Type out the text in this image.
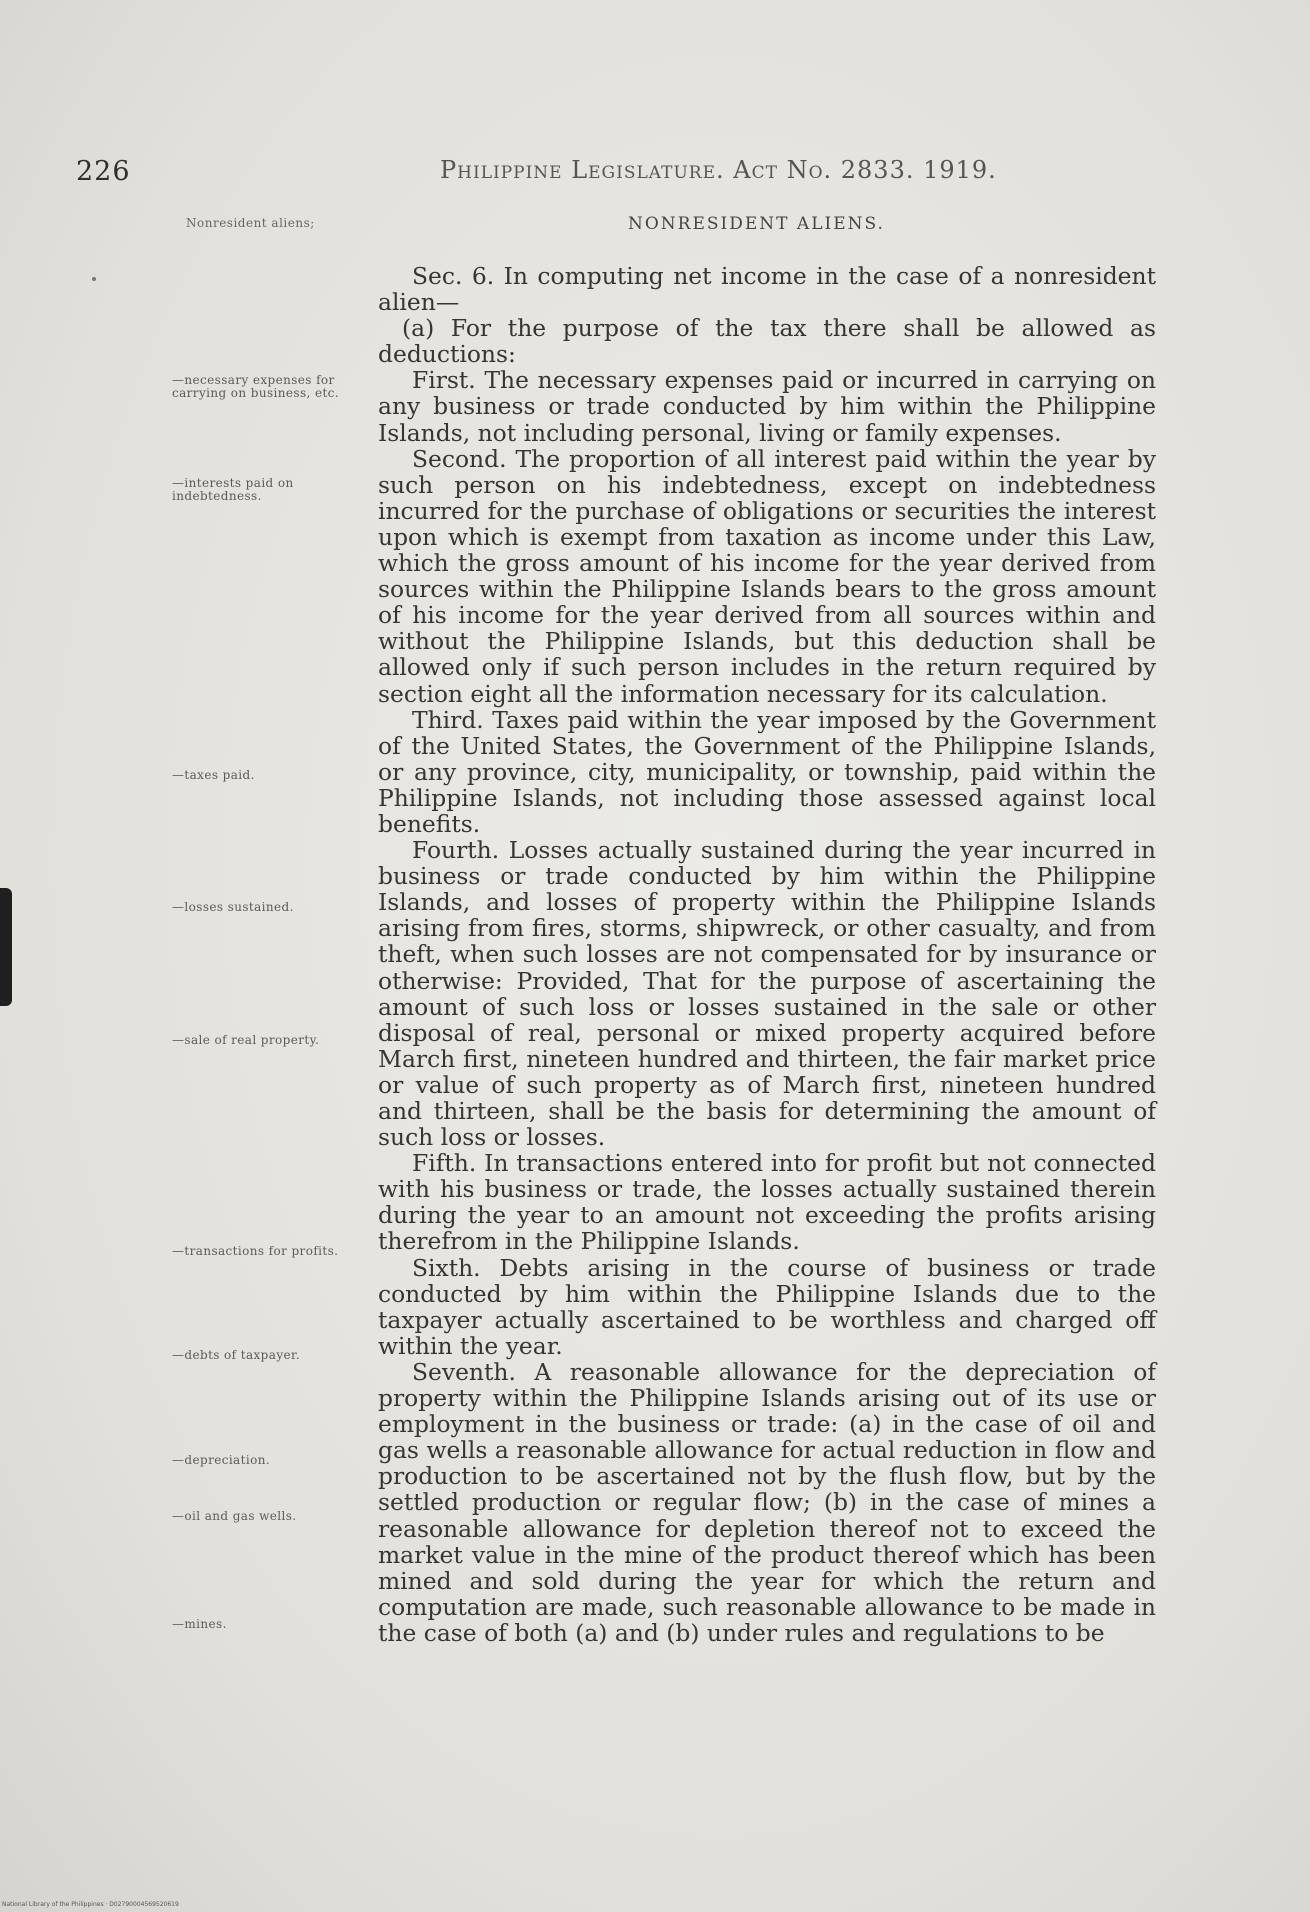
226	Philippine Legislature. Act No. 2833. 1919.
Nonresident aliens;	NONRESIDENT ALIENS.

Sec. 6. In computing net income in the case of a nonresident alien—

(a) For the purpose of the tax there shall be allowed as deductions:

First. The necessary expenses paid or incurred in carrying on any business or trade conducted by him within the Philippine Islands, not including personal, living or family expenses.

Second. The proportion of all interest paid within the year by such person on his indebtedness, except on indebtedness incurred for the purchase of obligations or securities the interest upon which is exempt from taxation as income under this Law, which the gross amount of his income for the year derived from sources within the Philippine Islands bears to the gross amount of his income for the year derived from all sources within and without the Philippine Islands, but this deduction shall be allowed only if such person includes in the return required by section eight all the information necessary for its calculation.

Third. Taxes paid within the year imposed by the Government of the United States, the Government of the Philippine Islands, or any province, city, municipality, or township, paid within the Philippine Islands, not including those assessed against local benefits.

Fourth. Losses actually sustained during the year incurred in business or trade conducted by him within the Philippine Islands, and losses of property within the Philippine Islands arising from fires, storms, shipwreck, or other casualty, and from theft, when such losses are not compensated for by insurance or otherwise: Provided, That for the purpose of ascertaining the amount of such loss or losses sustained in the sale or other disposal of real, personal or mixed property acquired before March first, nineteen hundred and thirteen, the fair market price or value of such property as of March first, nineteen hundred and thirteen, shall be the basis for determining the amount of such loss or losses.

Fifth. In transactions entered into for profit but not connected with his business or trade, the losses actually sustained therein during the year to an amount not exceeding the profits arising therefrom in the Philippine Islands.

Sixth. Debts arising in the course of business or trade conducted by him within the Philippine Islands due to the taxpayer actually ascertained to be worthless and charged off within the year.

Seventh. A reasonable allowance for the depreciation of property within the Philippine Islands arising out of its use or employment in the business or trade: (a) in the case of oil and gas wells a reasonable allowance for actual reduction in flow and production to be ascertained not by the flush flow, but by the settled production or regular flow; (b) in the case of mines a reasonable allowance for depletion thereof not to exceed the market value in the mine of the product thereof which has been mined and sold during the year for which the return and computation are made, such reasonable allowance to be made in the case of both (a) and (b) under rules and regulations to be

—necessary expenses for carrying on business, etc.
—interests paid on indebtedness.
—taxes paid.
—losses sustained.
—sale of real property.
—transactions for profits.
—debts of taxpayer.
—depreciation.
—oil and gas wells.
—mines.
National Library of the Philippines · D02790004569520619
